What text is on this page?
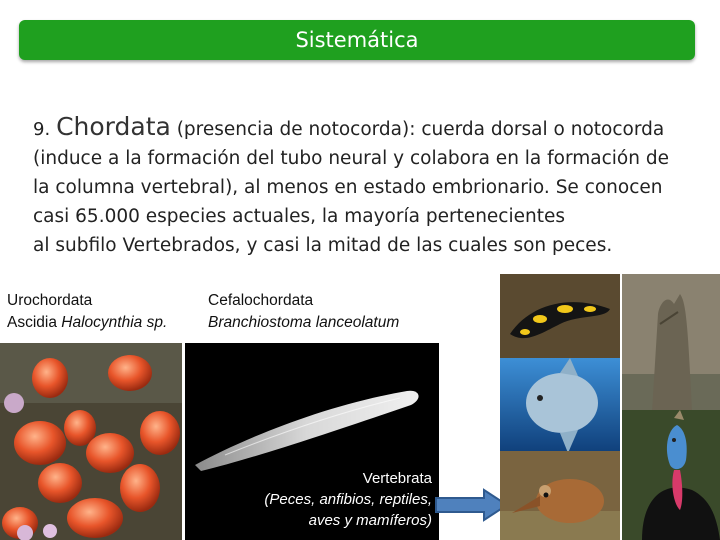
Sistemática
9. Chordata (presencia de notocorda): cuerda dorsal o notocorda
(induce a la formación del tubo neural y colabora en la formación de
la columna vertebral), al menos en estado embrionario. Se conocen
casi 65.000 especies actuales, la mayoría pertenecientes
al subfilo Vertebrados, y casi la mitad de las cuales son peces.
Urochordata
Ascidia Halocynthia sp.
Cefalochordata
Branchiostoma lanceolatum
Vertebrata
(Peces, anfibios, reptiles,
aves y mamíferos)
